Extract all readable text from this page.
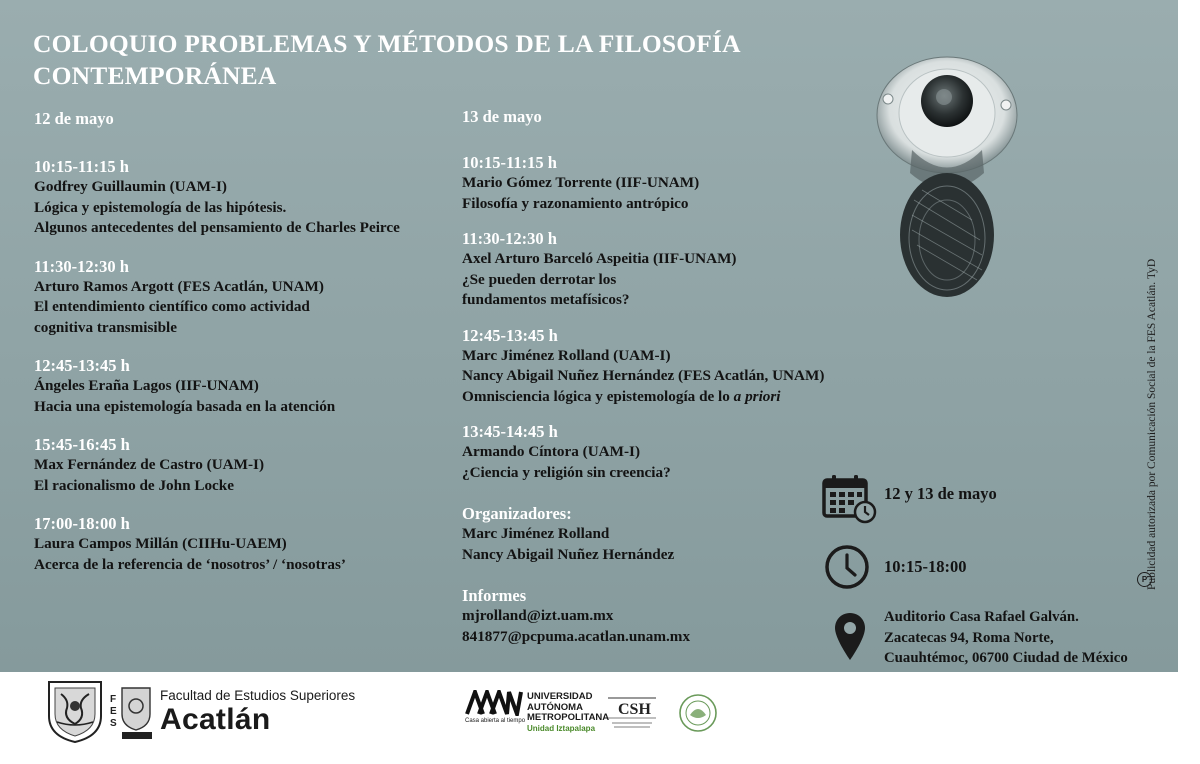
COLOQUIO PROBLEMAS Y MÉTODOS DE LA FILOSOFÍA
CONTEMPORÁNEA
12 de mayo
10:15-11:15 h
Godfrey Guillaumin (UAM-I)
Lógica y epistemología de las hipótesis.
Algunos antecedentes del pensamiento de Charles Peirce
11:30-12:30 h
Arturo Ramos Argott (FES Acatlán, UNAM)
El entendimiento científico como actividad
cognitiva transmisible
12:45-13:45 h
Ángeles Eraña Lagos (IIF-UNAM)
Hacia una epistemología basada en la atención
15:45-16:45 h
Max Fernández de Castro (UAM-I)
El racionalismo de John Locke
17:00-18:00 h
Laura Campos Millán (CIIHu-UAEM)
Acerca de la referencia de ‘nosotros’ / ‘nosotras’
13 de mayo
10:15-11:15 h
Mario Gómez Torrente (IIF-UNAM)
Filosofía y razonamiento antrópico
11:30-12:30 h
Axel Arturo Barceló Aspeitia (IIF-UNAM)
¿Se pueden derrotar los
fundamentos metafísicos?
12:45-13:45 h
Marc Jiménez Rolland (UAM-I)
Nancy Abigail Nuñez Hernández (FES Acatlán, UNAM)
Omnisciencia lógica y epistemología de lo a priori
13:45-14:45 h
Armando Cíntora (UAM-I)
¿Ciencia y religión sin creencia?
Organizadores:
Marc Jiménez Rolland
Nancy Abigail Nuñez Hernández
Informes
mjrolland@izt.uam.mx
841877@pcpuma.acatlan.unam.mx
12 y 13 de mayo
10:15-18:00
Auditorio Casa Rafael Galván.
Zacatecas 94, Roma Norte,
Cuauhtémoc, 06700 Ciudad de México
P
Publicidad autorizada por Comunicación Social de la FES Acatlán. TyD
F
E
S
Facultad de Estudios Superiores
Acatlán	Casa abierta al tiempo
UNIVERSIDAD
AUTÓNOMA
METROPOLITANA
Unidad Iztapalapa
CSH
